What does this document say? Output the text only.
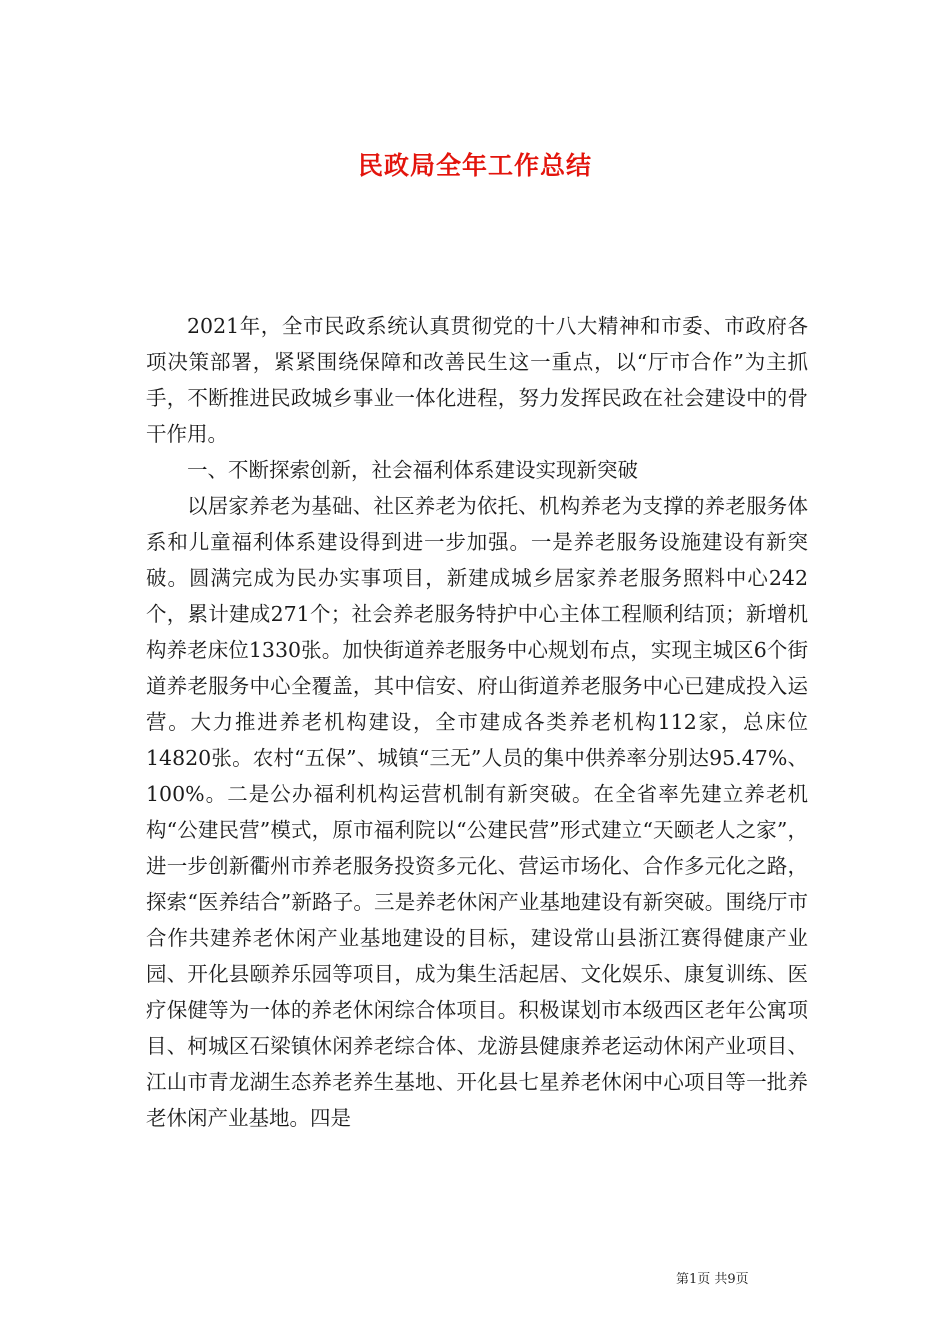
民政局全年工作总结

2021年，全市民政系统认真贯彻党的十八大精神和市委、市政府各项决策部署，紧紧围绕保障和改善民生这一重点，以“厅市合作”为主抓手，不断推进民政城乡事业一体化进程，努力发挥民政在社会建设中的骨干作用。

一、不断探索创新，社会福利体系建设实现新突破

以居家养老为基础、社区养老为依托、机构养老为支撑的养老服务体系和儿童福利体系建设得到进一步加强。一是养老服务设施建设有新突破。圆满完成为民办实事项目，新建成城乡居家养老服务照料中心242个，累计建成271个；社会养老服务特护中心主体工程顺利结顶；新增机构养老床位1330张。加快街道养老服务中心规划布点，实现主城区6个街道养老服务中心全覆盖，其中信安、府山街道养老服务中心已建成投入运营。大力推进养老机构建设，全市建成各类养老机构112家，总床位14820张。农村“五保”、城镇“三无”人员的集中供养率分别达95.47%、100%。二是公办福利机构运营机制有新突破。在全省率先建立养老机构“公建民营”模式，原市福利院以“公建民营”形式建立“天颐老人之家”，进一步创新衢州市养老服务投资多元化、营运市场化、合作多元化之路，探索“医养结合”新路子。三是养老休闲产业基地建设有新突破。围绕厅市合作共建养老休闲产业基地建设的目标，建设常山县浙江赛得健康产业园、开化县颐养乐园等项目，成为集生活起居、文化娱乐、康复训练、医疗保健等为一体的养老休闲综合体项目。积极谋划市本级西区老年公寓项目、柯城区石梁镇休闲养老综合体、龙游县健康养老运动休闲产业项目、江山市青龙湖生态养老养生基地、开化县七星养老休闲中心项目等一批养老休闲产业基地。四是

第1页 共9页
